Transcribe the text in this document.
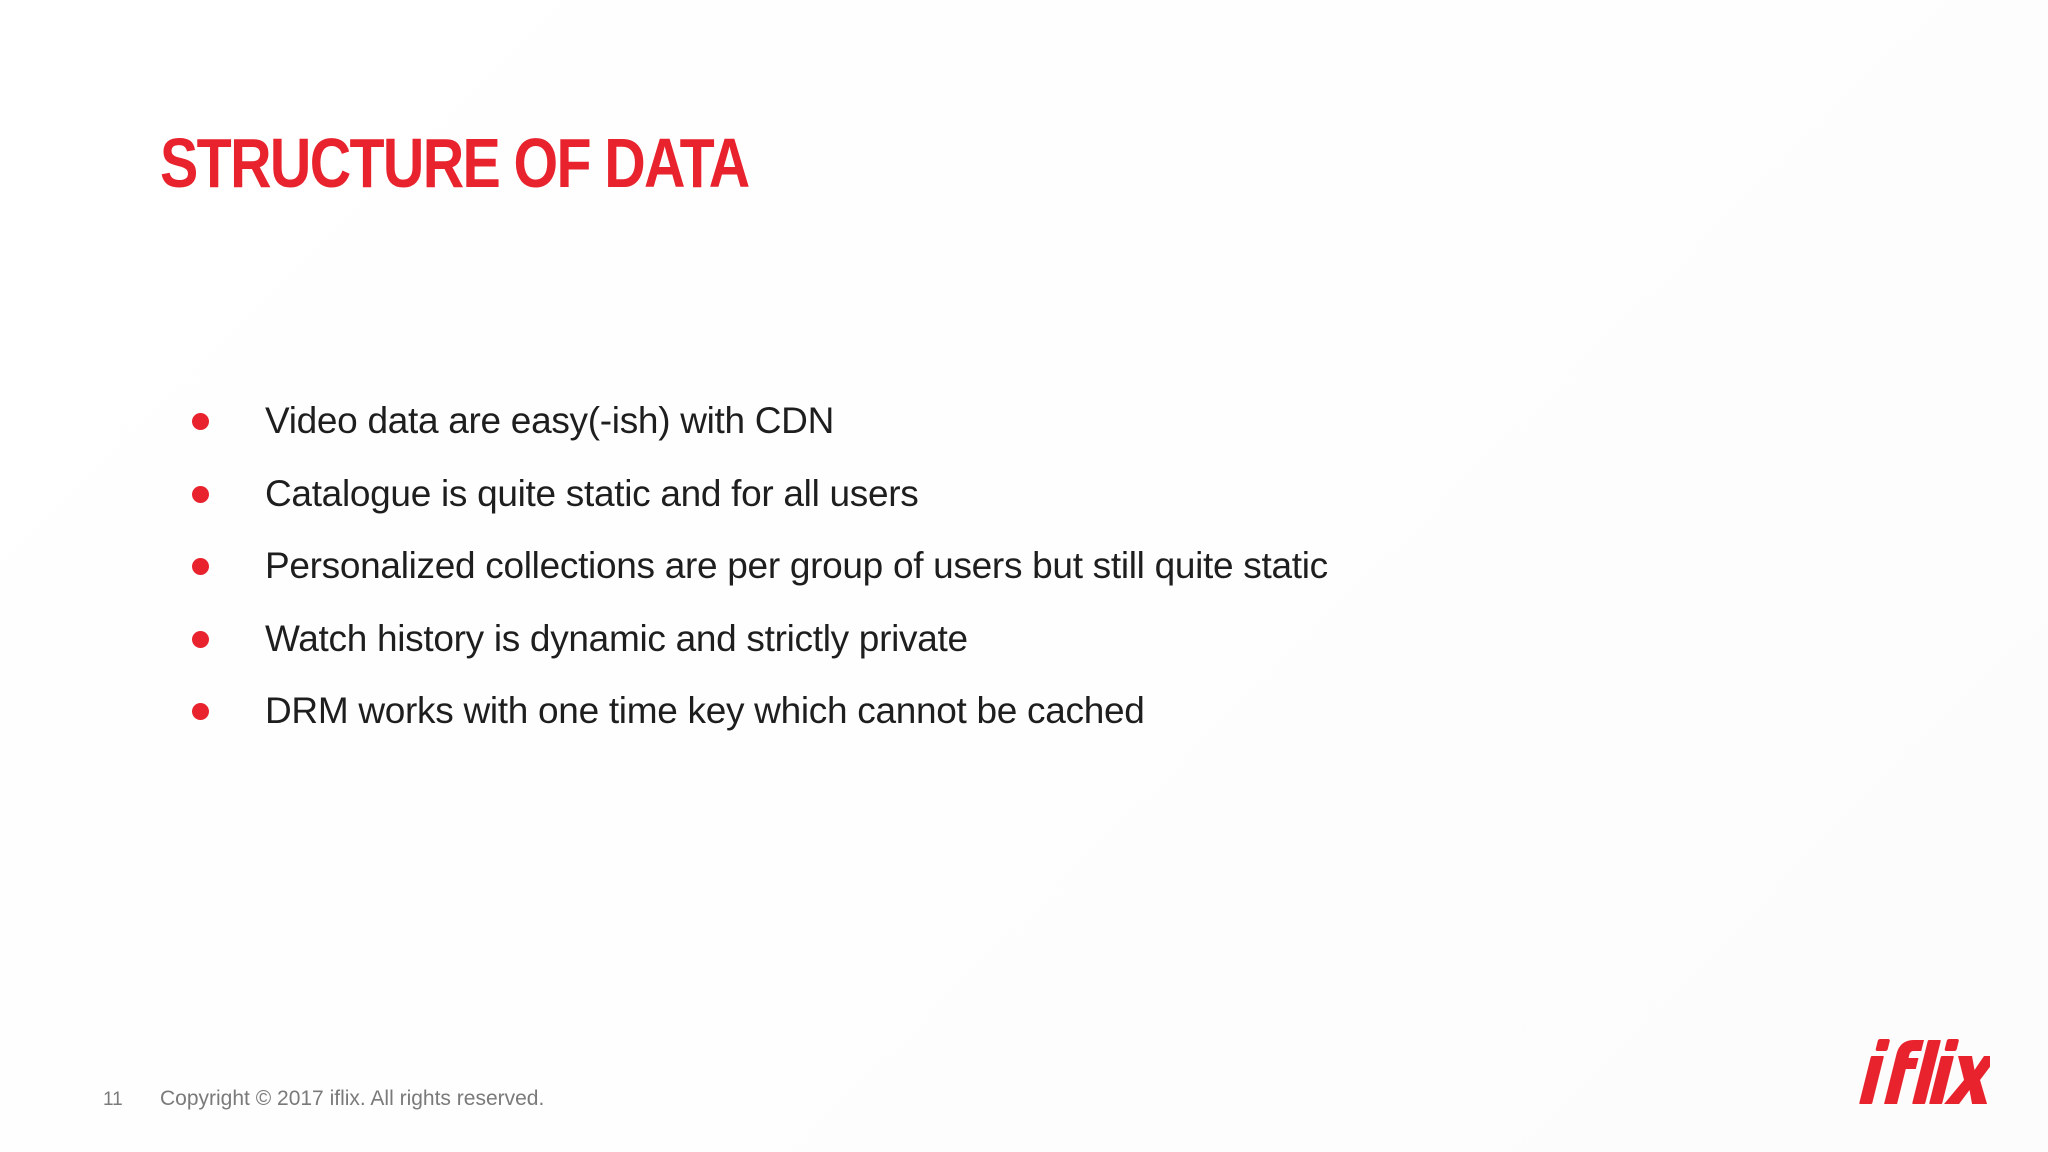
STRUCTURE OF DATA
Video data are easy(-ish) with CDN
Catalogue is quite static and for all users
Personalized collections are per group of users but still quite static
Watch history is dynamic and strictly private
DRM works with one time key which cannot be cached
11 Copyright © 2017 iflix. All rights reserved.
